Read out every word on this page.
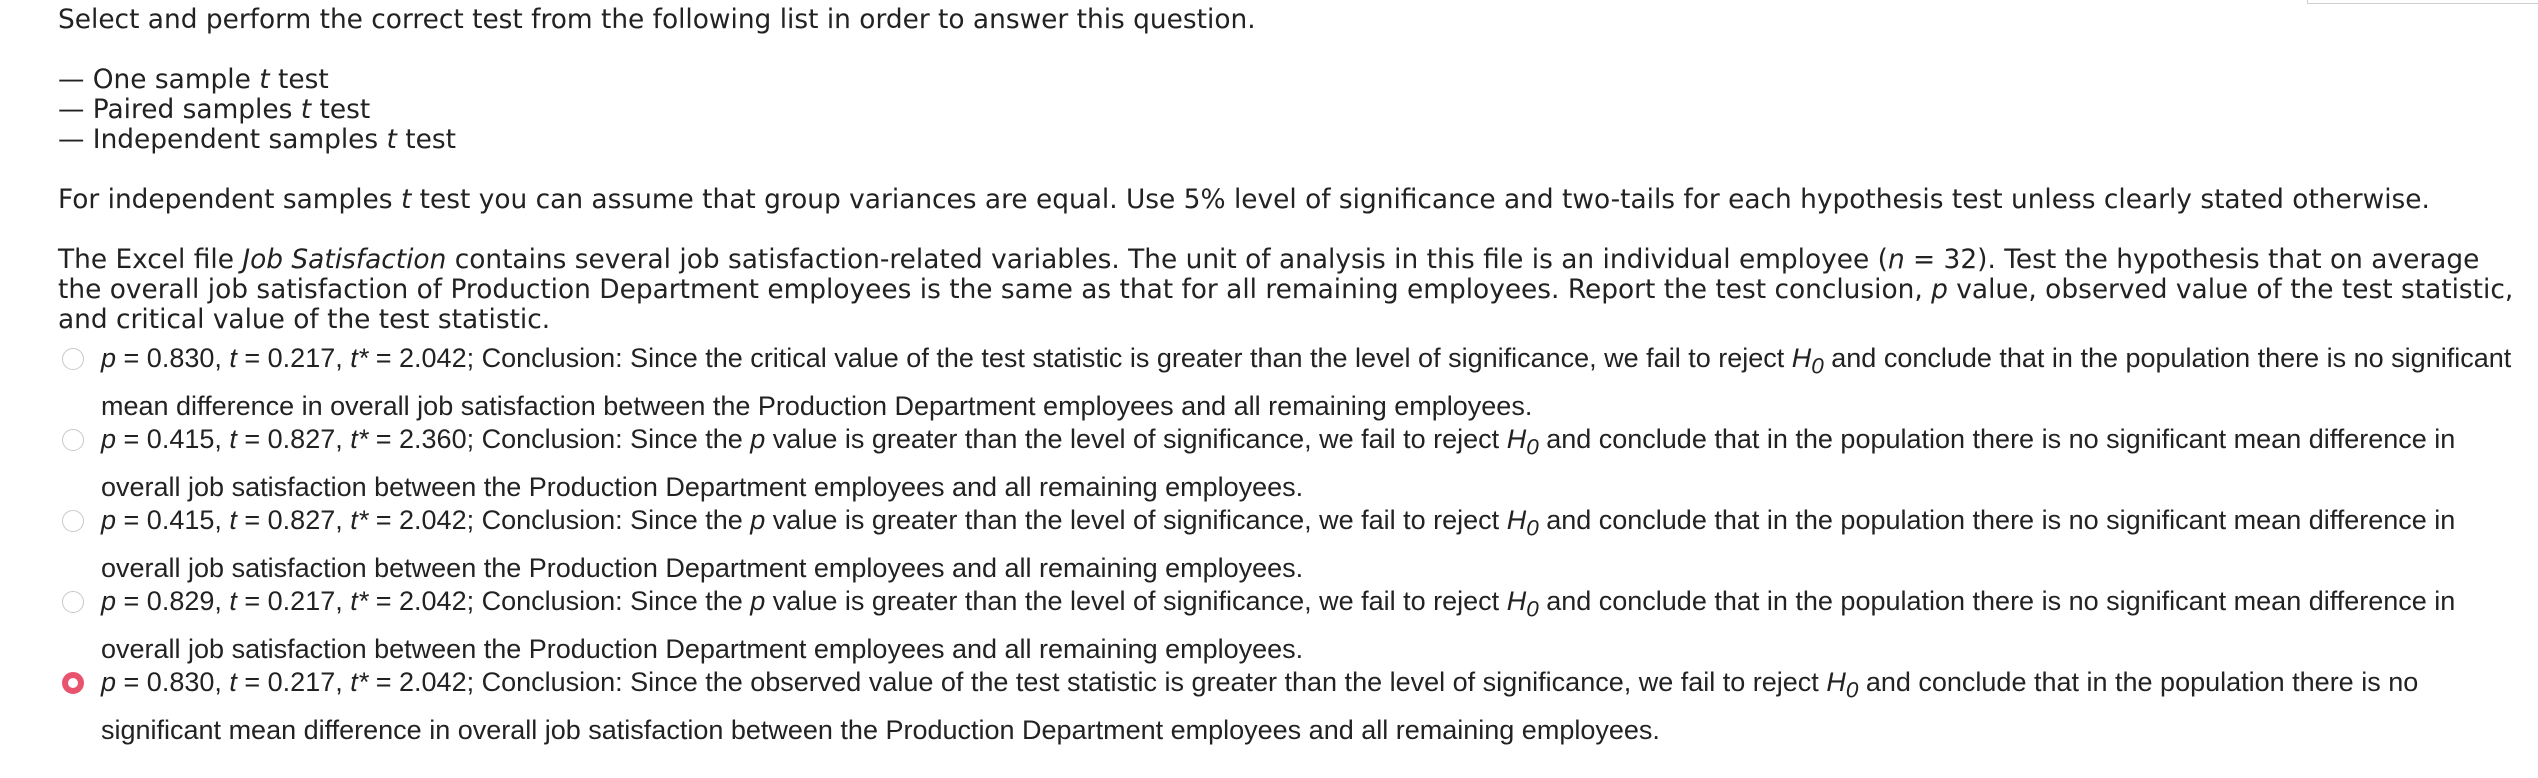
Select and perform the correct test from the following list in order to answer this question.

— One sample t test
— Paired samples t test
— Independent samples t test

For independent samples t test you can assume that group variances are equal. Use 5% level of significance and two-tails for each hypothesis test unless clearly stated otherwise.

The Excel file Job Satisfaction contains several job satisfaction-related variables. The unit of analysis in this file is an individual employee (n = 32). Test the hypothesis that on average the overall job satisfaction of Production Department employees is the same as that for all remaining employees. Report the test conclusion, p value, observed value of the test statistic, and critical value of the test statistic.

p = 0.830, t = 0.217, t* = 2.042; Conclusion: Since the critical value of the test statistic is greater than the level of significance, we fail to reject $H_0$ and conclude that in the population there is no significant mean difference in overall job satisfaction between the Production Department employees and all remaining employees.
p = 0.415, t = 0.827, t* = 2.360; Conclusion: Since the p value is greater than the level of significance, we fail to reject $H_0$ and conclude that in the population there is no significant mean difference in overall job satisfaction between the Production Department employees and all remaining employees.
p = 0.415, t = 0.827, t* = 2.042; Conclusion: Since the p value is greater than the level of significance, we fail to reject $H_0$ and conclude that in the population there is no significant mean difference in overall job satisfaction between the Production Department employees and all remaining employees.
p = 0.829, t = 0.217, t* = 2.042; Conclusion: Since the p value is greater than the level of significance, we fail to reject $H_0$ and conclude that in the population there is no significant mean difference in overall job satisfaction between the Production Department employees and all remaining employees.
p = 0.830, t = 0.217, t* = 2.042; Conclusion: Since the observed value of the test statistic is greater than the level of significance, we fail to reject $H_0$ and conclude that in the population there is no significant mean difference in overall job satisfaction between the Production Department employees and all remaining employees.
